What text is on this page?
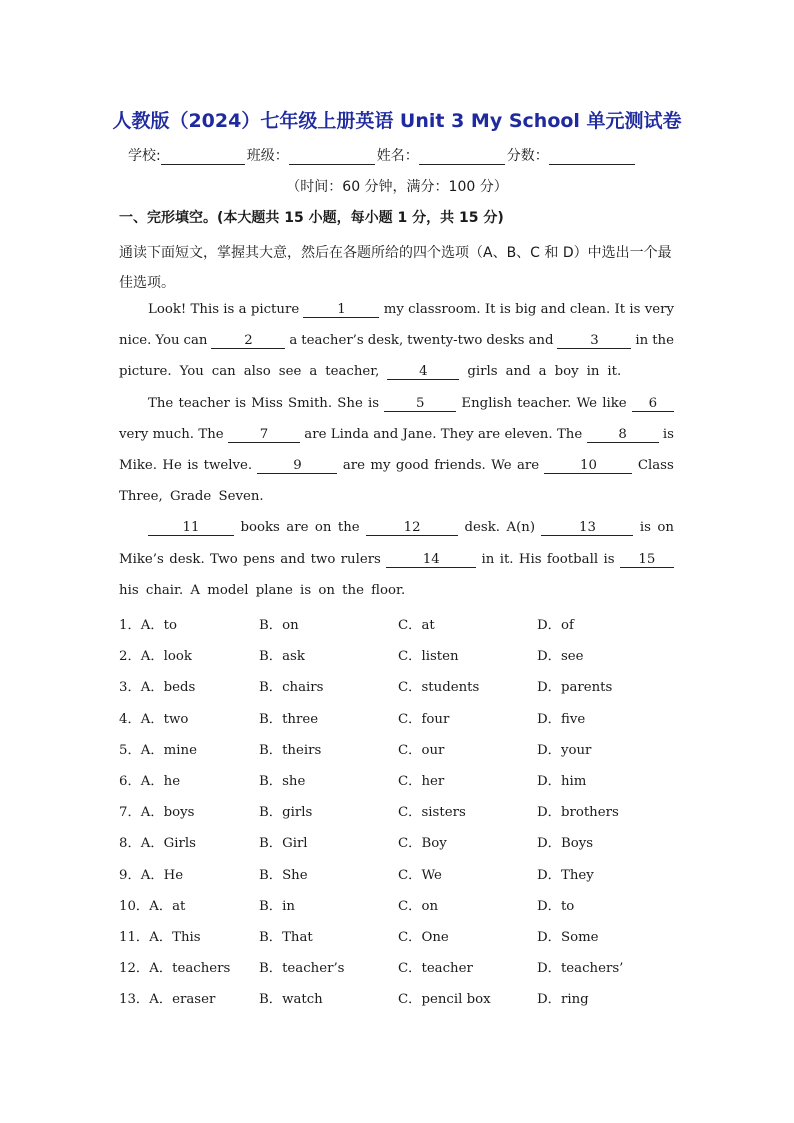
人教版（2024）七年级上册英语 Unit 3 My School 单元测试卷
学校:	班级：	姓名：	分数：
（时间：60 分钟，满分：100 分）
一、完形填空。(本大题共 15 小题，每小题 1 分，共 15 分)
通读下面短文，掌握其大意，然后在各题所给的四个选项（A、B、C 和 D）中选出一个最佳选项。
Look! This is a picture	1	my classroom. It is big and clean. It is very
nice. You can	2	a teacher’s desk, twenty-two desks and	3	in the
picture. You can also see a teacher,	4	girls and a boy in it.
The teacher is Miss Smith. She is	5	English teacher. We like	6
very much. The	7	are Linda and Jane. They are eleven. The	8	is
Mike. He is twelve.	9	are my good friends. We are	10	Class
Three, Grade Seven.
11	books are on the	12	desk. A(n)	13	is on
Mike’s desk. Two pens and two rulers	14	in it. His football is	15
his chair. A model plane is on the floor.
1．A．to	B．on	C．at	D．of
2．A．look	B．ask	C．listen	D．see
3．A．beds	B．chairs	C．students	D．parents
4．A．two	B．three	C．four	D．five
5．A．mine	B．theirs	C．our	D．your
6．A．he	B．she	C．her	D．him
7．A．boys	B．girls	C．sisters	D．brothers
8．A．Girls	B．Girl	C．Boy	D．Boys
9．A．He	B．She	C．We	D．They
10．A．at	B．in	C．on	D．to
11．A．This	B．That	C．One	D．Some
12．A．teachers B．teacher’s	C．teacher	D．teachers’
13．A．eraser	B．watch	C．pencil box	D．ring
